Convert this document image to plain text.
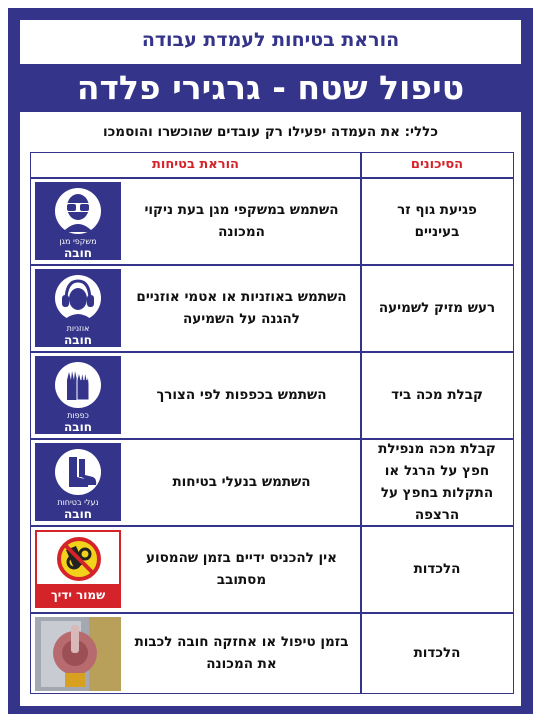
הוראת בטיחות לעמדת עבודה
טיפול שטח - גרגירי פלדה
כללי: את העמדה יפעילו רק עובדים שהוכשרו והוסמכו
הוראת בטיחות	הסיכונים
משקפי מגן
חובה
השתמש במשקפי מגן בעת ניקוי המכונה
פגיעת גוף זר בעיניים
אוזניות
חובה
השתמש באוזניות או אטמי אוזניים להגנה על השמיעה
רעש מזיק לשמיעה
כפפות
חובה
השתמש בכפפות לפי הצורך	קבלת מכה ביד
נעלי בטיחות
חובה
השתמש בנעלי בטיחות
קבלת מכה מנפילת חפץ על הרגל או התקלות בחפץ על הרצפה
שמור ידיך
אין להכניס ידיים בזמן שהמסוע מסתובב
הלכדות
בזמן טיפול או אחזקה חובה לכבות את המכונה
הלכדות
